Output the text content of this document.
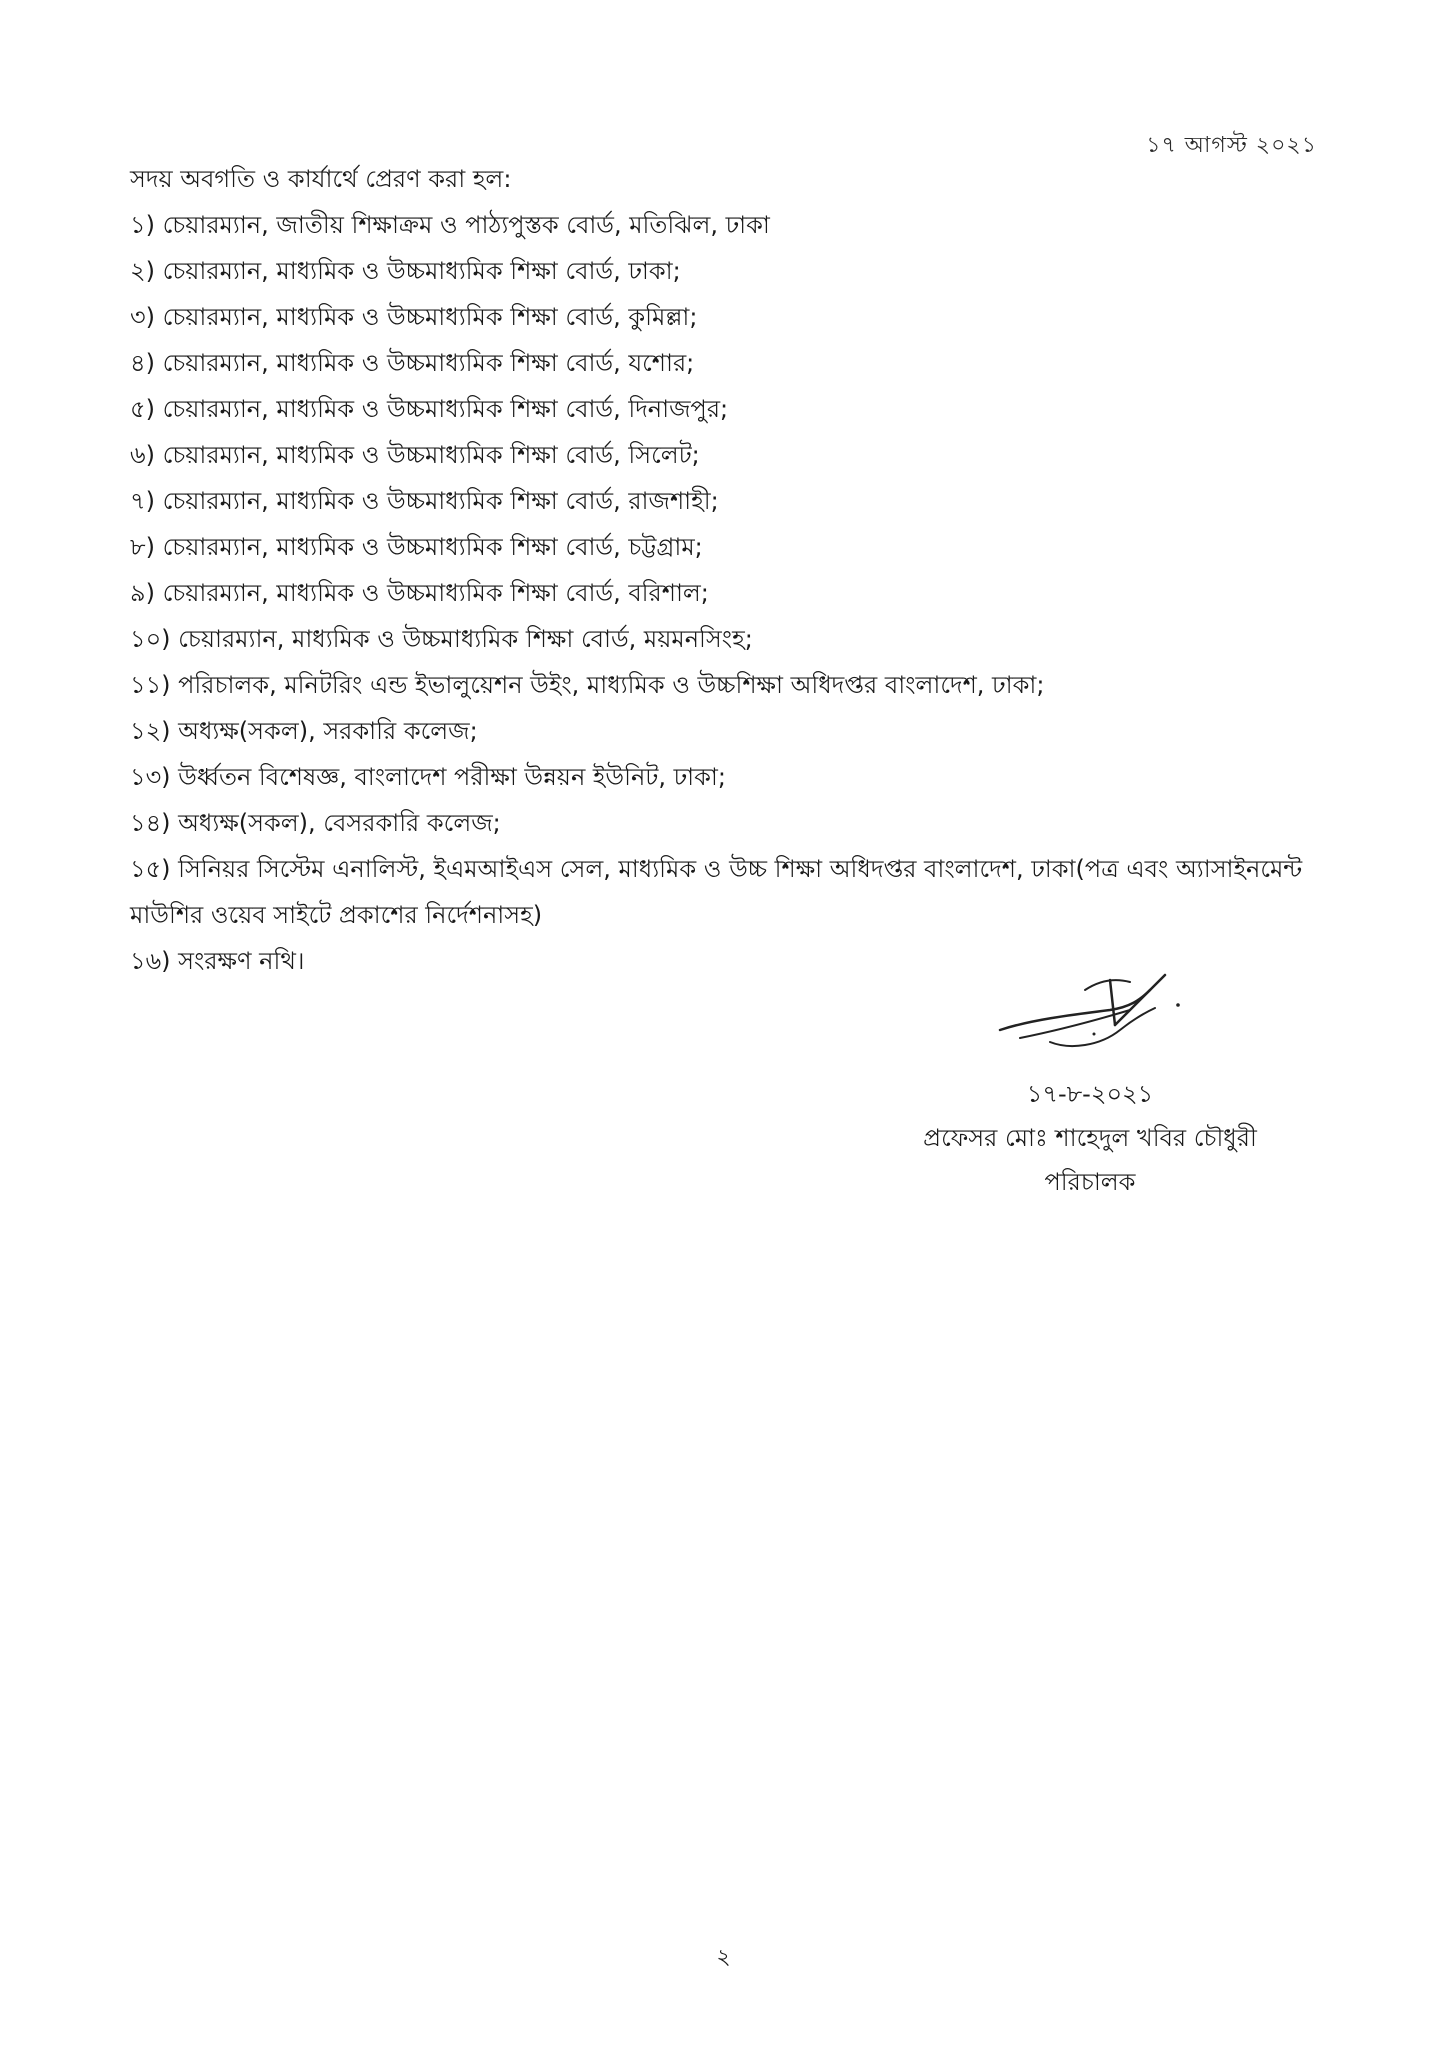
১৭ আগস্ট ২০২১

সদয় অবগতি ও কার্যার্থে প্রেরণ করা হল:

১) চেয়ারম্যান, জাতীয় শিক্ষাক্রম ও পাঠ্যপুস্তক বোর্ড, মতিঝিল, ঢাকা
২) চেয়ারম্যান, মাধ্যমিক ও উচ্চমাধ্যমিক শিক্ষা বোর্ড, ঢাকা;
৩) চেয়ারম্যান, মাধ্যমিক ও উচ্চমাধ্যমিক শিক্ষা বোর্ড, কুমিল্লা;
৪) চেয়ারম্যান, মাধ্যমিক ও উচ্চমাধ্যমিক শিক্ষা বোর্ড, যশোর;
৫) চেয়ারম্যান, মাধ্যমিক ও উচ্চমাধ্যমিক শিক্ষা বোর্ড, দিনাজপুর;
৬) চেয়ারম্যান, মাধ্যমিক ও উচ্চমাধ্যমিক শিক্ষা বোর্ড, সিলেট;
৭) চেয়ারম্যান, মাধ্যমিক ও উচ্চমাধ্যমিক শিক্ষা বোর্ড, রাজশাহী;
৮) চেয়ারম্যান, মাধ্যমিক ও উচ্চমাধ্যমিক শিক্ষা বোর্ড, চট্টগ্রাম;
৯) চেয়ারম্যান, মাধ্যমিক ও উচ্চমাধ্যমিক শিক্ষা বোর্ড, বরিশাল;
১০) চেয়ারম্যান, মাধ্যমিক ও উচ্চমাধ্যমিক শিক্ষা বোর্ড, ময়মনসিংহ;
১১) পরিচালক, মনিটরিং এন্ড ইভালুয়েশন উইং, মাধ্যমিক ও উচ্চশিক্ষা অধিদপ্তর বাংলাদেশ, ঢাকা;
১২) অধ্যক্ষ(সকল), সরকারি কলেজ;
১৩) উর্ধ্বতন বিশেষজ্ঞ, বাংলাদেশ পরীক্ষা উন্নয়ন ইউনিট, ঢাকা;
১৪) অধ্যক্ষ(সকল), বেসরকারি কলেজ;
১৫) সিনিয়র সিস্টেম এনালিস্ট, ইএমআইএস সেল, মাধ্যমিক ও উচ্চ শিক্ষা অধিদপ্তর বাংলাদেশ, ঢাকা(পত্র এবং অ্যাসাইনমেন্ট মাউশির ওয়েব সাইটে প্রকাশের নির্দেশনাসহ)
১৬) সংরক্ষণ নথি।
১৭-৮-২০২১
প্রফেসর মোঃ শাহেদুল খবির চৌধুরী
পরিচালক
২
